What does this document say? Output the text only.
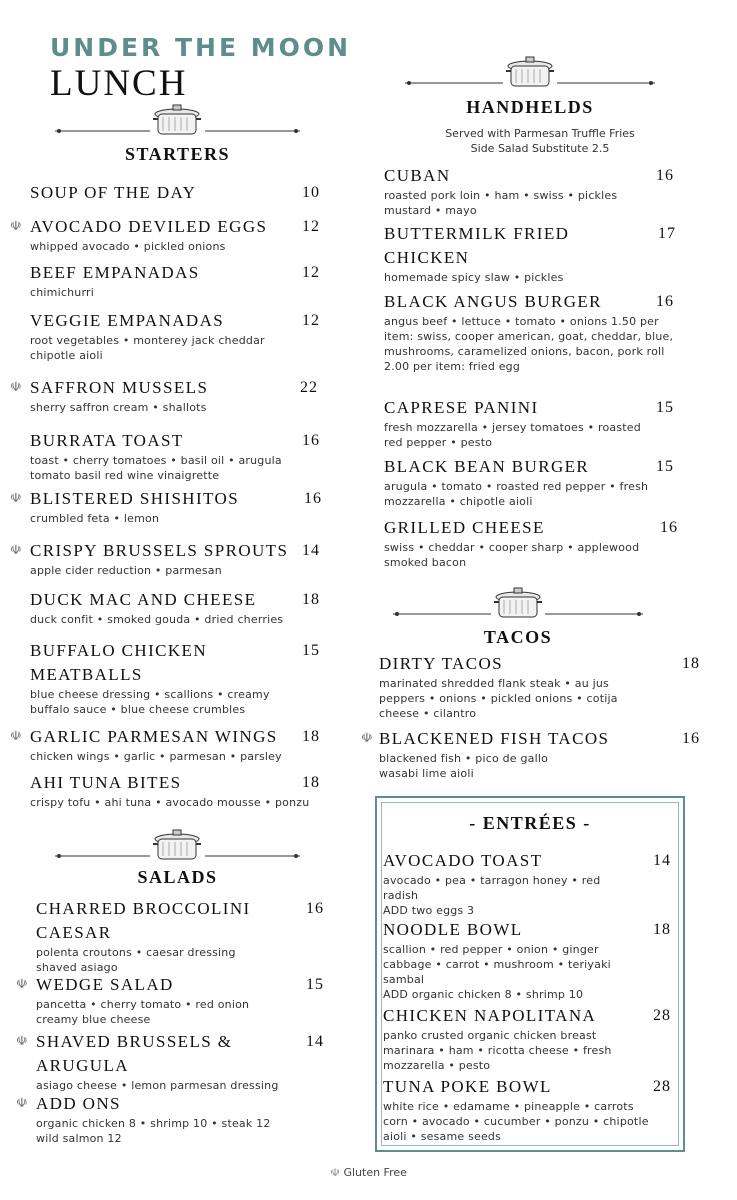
UNDER THE MOON
LUNCH
STARTERS
SOUP OF THE DAY	10
☫ AVOCADO DEVILED EGGS	12
whipped avocado • pickled onions
BEEF EMPANADAS	12
chimichurri
VEGGIE EMPANADAS	12
root vegetables • monterey jack cheddar chipotle aioli
☫ SAFFRON MUSSELS	22
sherry saffron cream • shallots
BURRATA TOAST	16
toast • cherry tomatoes • basil oil • arugula tomato basil red wine vinaigrette
☫ BLISTERED SHISHITOS	16
crumbled feta • lemon
☫ CRISPY BRUSSELS SPROUTS 14
apple cider reduction • parmesan
DUCK MAC AND CHEESE	18
duck confit • smoked gouda • dried cherries
BUFFALO CHICKEN MEATBALLS
15
blue cheese dressing • scallions • creamy buffalo sauce • blue cheese crumbles
☫ GARLIC PARMESAN WINGS	18
chicken wings • garlic • parmesan • parsley
AHI TUNA BITES	18
crispy tofu • ahi tuna • avocado mousse • ponzu
SALADS
CHARRED BROCCOLINI CAESAR
16
polenta croutons • caesar dressing shaved asiago
☫ WEDGE SALAD	15
pancetta • cherry tomato • red onion creamy blue cheese
☫ SHAVED BRUSSELS & ARUGULA
14
asiago cheese • lemon parmesan dressing
☫ ADD ONS
organic chicken 8 • shrimp 10 • steak 12 wild salmon 12
HANDHELDS
Served with Parmesan Truffle Fries
Side Salad Substitute 2.5
CUBAN	16
roasted pork loin • ham • swiss • pickles mustard • mayo
BUTTERMILK FRIED CHICKEN
17
homemade spicy slaw • pickles
BLACK ANGUS BURGER	16
angus beef • lettuce • tomato • onions 1.50 per item: swiss, cooper american, goat, cheddar, blue, mushrooms, caramelized onions, bacon, pork roll 2.00 per item: fried egg
CAPRESE PANINI	15
fresh mozzarella • jersey tomatoes • roasted red pepper • pesto
BLACK BEAN BURGER	15
arugula • tomato • roasted red pepper • fresh mozzarella • chipotle aioli
GRILLED CHEESE	16
swiss • cheddar • cooper sharp • applewood smoked bacon
TACOS
DIRTY TACOS	18
marinated shredded flank steak • au jus peppers • onions • pickled onions • cotija cheese • cilantro
☫ BLACKENED FISH TACOS	16
blackened fish • pico de gallo wasabi lime aioli
- ENTRÉES -
AVOCADO TOAST	14
avocado • pea • tarragon honey • red radish
ADD two eggs 3
NOODLE BOWL	18
scallion • red pepper • onion • ginger cabbage • carrot • mushroom • teriyaki sambal
ADD organic chicken 8 • shrimp 10
CHICKEN NAPOLITANA	28
panko crusted organic chicken breast marinara • ham • ricotta cheese • fresh mozzarella • pesto
TUNA POKE BOWL	28
white rice • edamame • pineapple • carrots corn • avocado • cucumber • ponzu • chipotle aioli • sesame seeds
☫ Gluten Free
